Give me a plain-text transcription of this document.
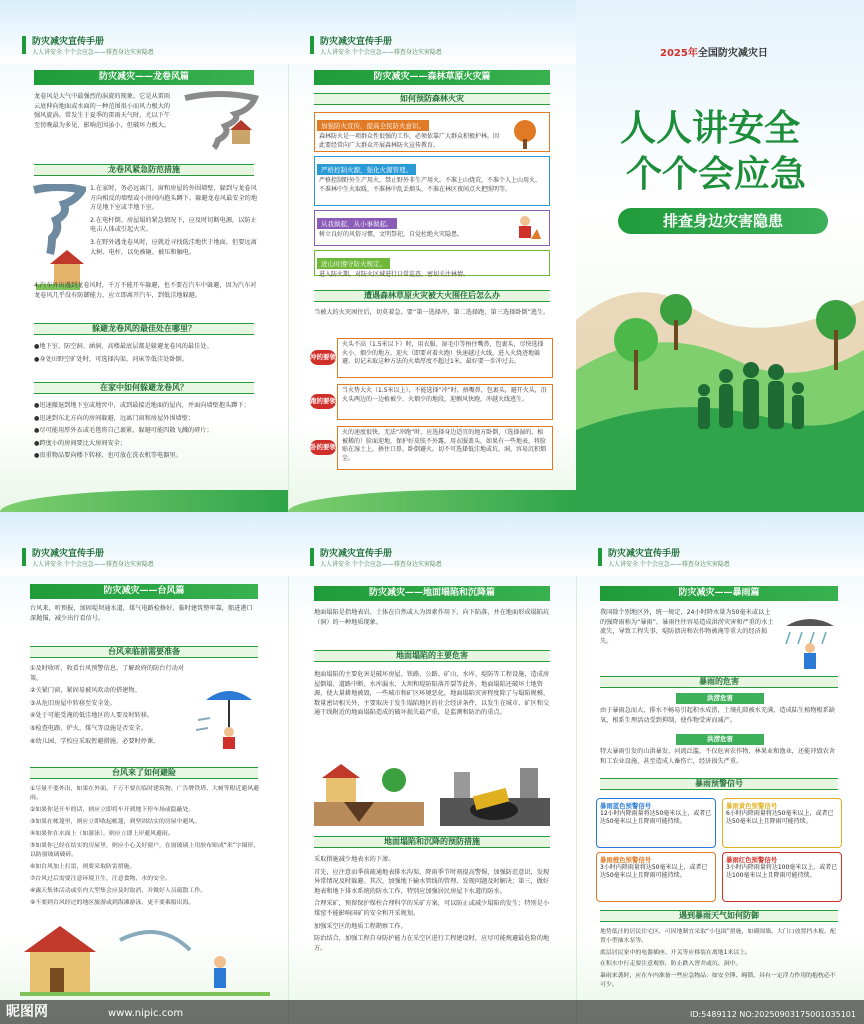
防灾减灾宣传手册
人人讲安全 个个会应急——排查身边灾害隐患
防灾减灾——龙卷风篇
龙卷风是大气中最强烈的涡旋的现象，它是从雷雨云底伸向地面或水面的一种范围很小而风力极大的强风旋涡。常发生于夏季的雷雨天气时，尤以下午至傍晚最为多见，影响范围虽小，但破坏力极大。
龙卷风紧急防范措施

1.在家时，务必远离门、窗和房屋的外围墙壁，躲到与龙卷风方向相反的墙壁或小房间内抱头蹲下。躲避龙卷风最安全的地方是地下室或半地下室。

2.在电杆倒、房屋塌的紧急情况下，应及时切断电源，以防止电击人体或引起火灾。

3.在野外遇龙卷风时，应就近寻找低洼地伏于地面，但要远离大树、电杆，以免被砸、被压和触电。

4.汽车外出遇到龙卷风时，千万不能开车躲避，也不要在汽车中躲避，因为汽车对龙卷风几乎没有防御能力，应立即离开汽车，到低洼地躲避。
躲避龙卷风的最佳处在哪里？

●地下室、防空洞、涵洞、高楼最底层都是躲避龙卷风的最佳处。

●身处田野空旷处时，可选择沟渠、河床等低洼处卧倒。

在家中如何躲避龙卷风？

●迅速撤退到地下室或地窖中，或到最接近地面的屋内，并面向墙壁抱头蹲下；

●迅速到东北方向的房间躲避，远离门窗和房屋外围墙壁；

●尽可能用厚外衣或毛毯将自己裹紧，躲避可能四散飞溅的碎片；

●跨度小的房间要比大房间安全；

●贵重物品要向楼下转移，也可放在洗衣机等电器里。

防灾减灾宣传手册
人人讲安全 个个会应急——排查身边灾害隐患
防灾减灾——森林草原火灾篇
如何预防森林火灾
加强防火宣传，提高全民防火意识。
森林防火是一项群众性很强的工作，必须依靠广大群众积极护林。因此要经常向广大群众开展森林防火宣传教育。
严格控制火源，强化火源管理。
严格控制野外生产用火，禁止野外非生产用火。不准上山烧荒，不准个人上山用火，不准林中生火取暖，不准林中乱丢烟头，不准在林区夜间点火把照明等。
从我做起，从小事做起。
树立良好的风俗习惯，文明祭祀，自觉杜绝火灾隐患。
进山时遵守防火规定。
进入防火期，对防火区域进行日常巡查，密切关注林情。
遭遇森林草原火灾被大火围住后怎么办
当被大的火灾困住后，切莫着急。要“第一选择冲，第二选择跑，第三选择卧倒”逃生。
冲的要领
火头不高（1.5米以下）时，用衣服、湿毛巾等捂住嘴鼻，包裹头，尽快选择火小、烟少的地方，迎火（即要对着火跑）快速越过火线，进入火烧迹地躲避。切记未取这种方法的火墙厚度不超过1米，最好要一步冲过去。
跑的要领
当火势大火（1.5米以上），不能选择“冲”时，捂嘴鼻，包裹头，避开火头，沿火头两边的一边植被少、火烟少的地段，迎侧风快跑，冲越火线逃生。
卧的要领
火的速度很快，无法“冲跑”时，应选择身边适宜的地方卧倒，（选择湿的、植被稀的）脸面迎地，保护好皮肤不外露，用衣服盖头，如果有一些地表，将脸贴在湿土上，捂住口鼻，卧倒避火。切不可选择低洼地或坑、洞，容易沉积烟尘。
2025年全国防灾减灾日
人人讲安全
个个会应急
排查身边灾害隐患
防灾减灾宣传手册
人人讲安全 个个会应急——排查身边灾害隐患
防灾减灾——台风篇
台风来，听预报，加固堤坝通水道，煤气电路检修好，临时建筑整牢靠，船进港口深抛锚，减少出行看信号。
台风来临前需要准备

①及时收听、收看台风预警信息，了解政府的防台行动对策。

②关紧门窗，紧固易被风吹动的搭建物。

③从危旧房屋中转移至安全处。

④处于可能受淹的低洼地区的人要及时转移。

⑤检查电路、炉火、煤气等设施是否安全。

⑥幼儿园、学校应采取暂避措施，必要时停课。

台风来了如何避险

①尽量不要外出，如果在外面，千万不要在临时建筑物、广告牌铁塔、大树等附近避风避雨。

②如果你是开车的话，则应立即将车开到地下停车场或隐蔽处。

③如果在帐篷里，则应立即收起帐篷，到坚固结实的房屋中避风。

④如果你在水面上（如游泳），则应立即上岸避风避雨。

⑤如果你已经在结实的房屋里，则应小心关好窗户，在窗玻璃上用胶布贴成“米”字图形，以防窗玻璃破碎。

⑥如台风加上打雷，则要采取防雷措施。

⑦台风过后需要注意环境卫生，注意食物、水的安全。

⑧露天集体活动或室内大型集会应及时取消，并做好人员疏散工作。

⑨不要到台风经过的地区旅游或到海滩游泳，更不要乘船出海。

防灾减灾宣传手册
人人讲安全 个个会应急——排查身边灾害隐患
防灾减灾——地面塌陷和沉降篇
地面塌陷是指地表岩、土体在自然或人为因素作用下，向下陷落，并在地面形成塌陷坑（洞）的一种地质现象。
地面塌陷的主要危害
地面塌陷的主要危害是破坏房屋、铁路、公路、矿山、水库、堤防等工程设施，造成房屋倒塌、道路中断、水库漏水、大坝和堤防陷落开裂等此外，地面塌陷还破坏土地资源，使大量耕地被毁，一些城市和矿区环境恶化，地面塌陷灾害程度除了与塌陷规模、数量密切相关外，主要取决于发生塌陷地区的社会经济条件，以发生在城市、矿区和交通干线附近的地面塌陷造成的破坏损失最严重，是监测和防治的重点。
地面塌陷和沉降的预防措施

采取措施减少地表水的下渗。

首先，应注意而季前疏通地表排水沟渠，降雨季节时刻提高警惕，加强防范意识，发现异常情况及时躲避。其次，加强地下输水管线的管理，发现问题及时解决；第三，做好地表和地下排水系统的防水工作，特别应加强居民房屋下水道的防水。

合理采矿，预留保护煤柱合理科学的采矿方案，可以防止或减少塌陷的发生；特别是小煤窑不能影响国矿的安全和开采规划。

加强采空区的地质工程勘察工作。

防治结合，加强工程自身防护能力在采空区进行工程建设时，应尽可能规避最危险的地方。

防灾减灾宣传手册
人人讲安全 个个会应急——排查身边灾害隐患
防灾减灾——暴雨篇
我国除个别地区外，统一规定，24小时降水量为50毫米或以上的强降雨称为“暴雨”。暴雨往往容易造成洪涝灾害和严重的水土流失，导致工程失事、堤防溃决和农作物被淹等重大的经济损失。
暴雨的危害
洪涝危害
由于暴雨急而大，排水不畅易引起积水成涝，土壤孔隙被水充满，造成陆生植物根系缺氧，根系生理活动受到抑制，使作物受害而减产。
洪涝危害
特大暴雨引发的山洪暴发、河流泛滥，不仅危害农作物、林果业和渔业，还能冲毁农舍和工农业设施，甚至造成人畜伤亡，经济损失严重。
暴雨预警信号
暴雨蓝色预警信号
12小时内降雨量将达50毫米以上，或者已达50毫米以上且降雨可能持续。
暴雨黄色预警信号
6小时内降雨量将达50毫米以上，或者已达50毫米以上且降雨可能持续。
暴雨橙色预警信号
3小时内降雨量将达50毫米以上，或者已达50毫米以上且降雨可能持续。
暴雨红色预警信号
3小时内降雨量将达100毫米以上，或者已达100毫米以上且降雨可能持续。
遇到暴雨天气如何防御

地势低洼的居民住宅区，可因地制宜采取“小包围”措施，如砌围墙、大门口放置挡水板、配置小型抽水泵等。

底层居民家中的电器插座、开关等应移装在离地1米以上。

在积水中行走要注意观察，防止跌入窨井或坑、洞中。

暴雨来袭时，应在车内准备一些应急物品：如安全锤、绳锁、具有一定浮力作用的抱枕必不可少。

昵图网	www.nipic.com	ID:5489112 NO:20250903175001035101
